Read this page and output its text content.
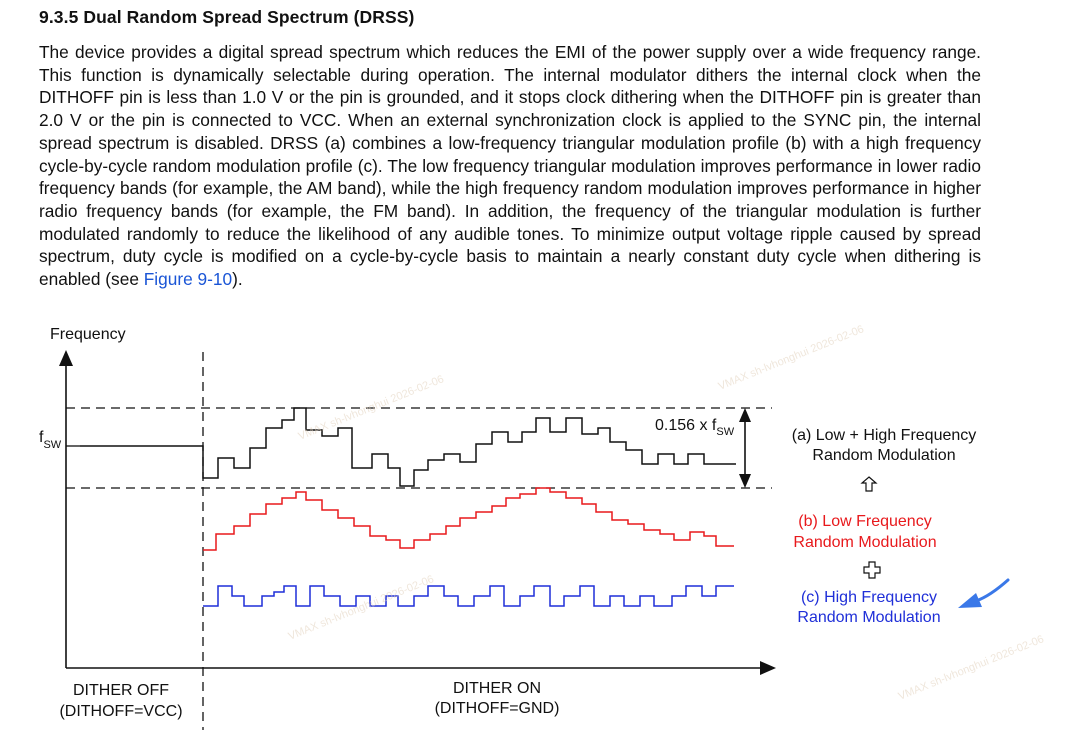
9.3.5 Dual Random Spread Spectrum (DRSS)

The device provides a digital spread spectrum which reduces the EMI of the power supply over a wide frequency range. This function is dynamically selectable during operation. The internal modulator dithers the internal clock when the DITHOFF pin is less than 1.0 V or the pin is grounded, and it stops clock dithering when the DITHOFF pin is greater than 2.0 V or the pin is connected to VCC. When an external synchronization clock is applied to the SYNC pin, the internal spread spectrum is disabled. DRSS (a) combines a low-frequency triangular modulation profile (b) with a high frequency cycle-by-cycle random modulation profile (c). The low frequency triangular modulation improves performance in lower radio frequency bands (for example, the AM band), while the high frequency random modulation improves performance in higher radio frequency bands (for example, the FM band). In addition, the frequency of the triangular modulation is further modulated randomly to reduce the likelihood of any audible tones. To minimize output voltage ripple caused by spread spectrum, duty cycle is modified on a cycle-by-cycle basis to maintain a nearly constant duty cycle when dithering is enabled (see Figure 9-10).

Frequency
$f_{SW}$
0.156 x $f_{SW}$	(a) Low + High Frequency
Random Modulation
(b) Low Frequency
Random Modulation
(c) High Frequency
Random Modulation
DITHER OFF
(DITHOFF=VCC)
DITHER ON
(DITHOFF=GND)
VMAX sh-lvhonghui 2026-02-06
VMAX sh-lvhonghui 2026-02-06
VMAX sh-lvhonghui 2026-02-06
VMAX sh-lvhonghui 2026-02-06
